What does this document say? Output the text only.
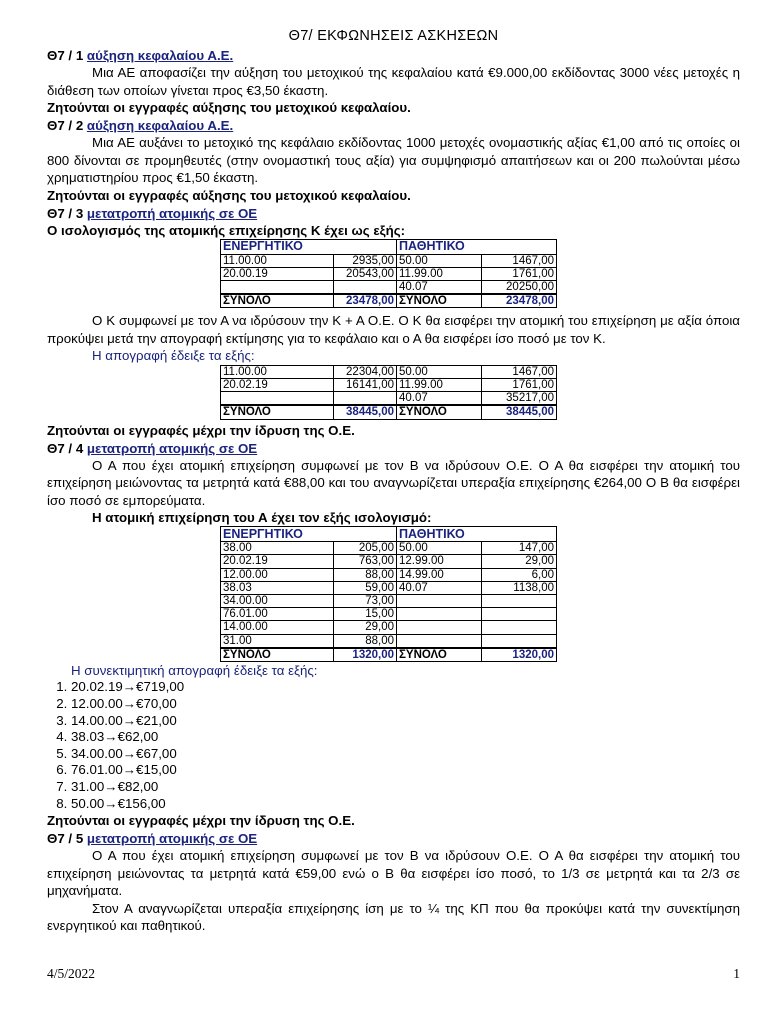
Θ7/ ΕΚΦΩΝΗΣΕΙΣ ΑΣΚΗΣΕΩΝ
Θ7 / 1 αύξηση κεφαλαίου Α.Ε.

Μια ΑΕ αποφασίζει την αύξηση του μετοχικού της κεφαλαίου κατά €9.000,00 εκδίδοντας 3000 νέες μετοχές η διάθεση των οποίων γίνεται προς €3,50 έκαστη.

Ζητούνται οι εγγραφές αύξησης του μετοχικού κεφαλαίου.
Θ7 / 2 αύξηση κεφαλαίου Α.Ε.

Μια ΑΕ αυξάνει το μετοχικό της κεφάλαιο εκδίδοντας 1000 μετοχές ονομαστικής αξίας €1,00 από τις οποίες οι 800 δίνονται σε προμηθευτές (στην ονομαστική τους αξία) για συμψηφισμό απαιτήσεων και οι 200 πωλούνται μέσω χρηματιστηρίου προς €1,50 έκαστη.

Ζητούνται οι εγγραφές αύξησης του μετοχικού κεφαλαίου.
Θ7 / 3 μετατροπή ατομικής σε ΟΕ
Ο ισολογισμός της ατομικής επιχείρησης Κ έχει ως εξής:
ΕΝΕΡΓΗΤΙΚΟ		ΠΑΘΗΤΙΚΟ	
11.00.00	2935,00	50.00	1467,00
20.00.19	20543,00	11.99.00	1761,00
		40.07	20250,00
ΣΥΝΟΛΟ	23478,00	ΣΥΝΟΛΟ	23478,00

Ο Κ συμφωνεί με τον Α να ιδρύσουν την Κ + Α Ο.Ε. Ο Κ θα εισφέρει την ατομική του επιχείρηση με αξία όποια προκύψει μετά την απογραφή εκτίμησης για το κεφάλαιο και ο Α θα εισφέρει ίσο ποσό με τον Κ.

Η απογραφή έδειξε τα εξής:

11.00.00	22304,00	50.00	1467,00
20.02.19	16141,00	11.99.00	1761,00
		40.07	35217,00
ΣΥΝΟΛΟ	38445,00	ΣΥΝΟΛΟ	38445,00
Ζητούνται οι εγγραφές μέχρι την ίδρυση της Ο.Ε.
Θ7 / 4 μετατροπή ατομικής σε ΟΕ

Ο Α που έχει ατομική επιχείρηση συμφωνεί με τον Β να ιδρύσουν Ο.Ε. Ο Α θα εισφέρει την ατομική του επιχείρηση μειώνοντας τα μετρητά κατά €88,00 και του αναγνωρίζεται υπεραξία επιχείρησης €264,00 Ο Β θα εισφέρει ίσο ποσό σε εμπορεύματα.

Η ατομική επιχείρηση του Α έχει τον εξής ισολογισμό:
ΕΝΕΡΓΗΤΙΚΟ		ΠΑΘΗΤΙΚΟ	
38.00	205,00	50.00	147,00
20.02.19	763,00	12.99.00	29,00
12.00.00	88,00	14.99.00	6,00
38.03	59,00	40.07	1138,00
34.00.00	73,00		
76.01.00	15,00		
14.00.00	29,00		
31.00	88,00		
ΣΥΝΟΛΟ	1320,00	ΣΥΝΟΛΟ	1320,00

Η συνεκτιμητική απογραφή έδειξε τα εξής:

1. 20.02.19→€719,00
2. 12.00.00→€70,00
3. 14.00.00→€21,00
4. 38.03→€62,00
5. 34.00.00→€67,00
6. 76.01.00→€15,00
7. 31.00→€82,00
8. 50.00→€156,00
Ζητούνται οι εγγραφές μέχρι την ίδρυση της Ο.Ε.
Θ7 / 5 μετατροπή ατομικής σε ΟΕ

Ο Α που έχει ατομική επιχείρηση συμφωνεί με τον Β να ιδρύσουν Ο.Ε. Ο Α θα εισφέρει την ατομική του επιχείρηση μειώνοντας τα μετρητά κατά €59,00 ενώ ο Β θα εισφέρει ίσο ποσό, το 1/3 σε μετρητά και τα 2/3 σε μηχανήματα.

Στον Α αναγνωρίζεται υπεραξία επιχείρησης ίση με το ¼ της ΚΠ που θα προκύψει κατά την συνεκτίμηση ενεργητικού και παθητικού.

4/5/2022	1
